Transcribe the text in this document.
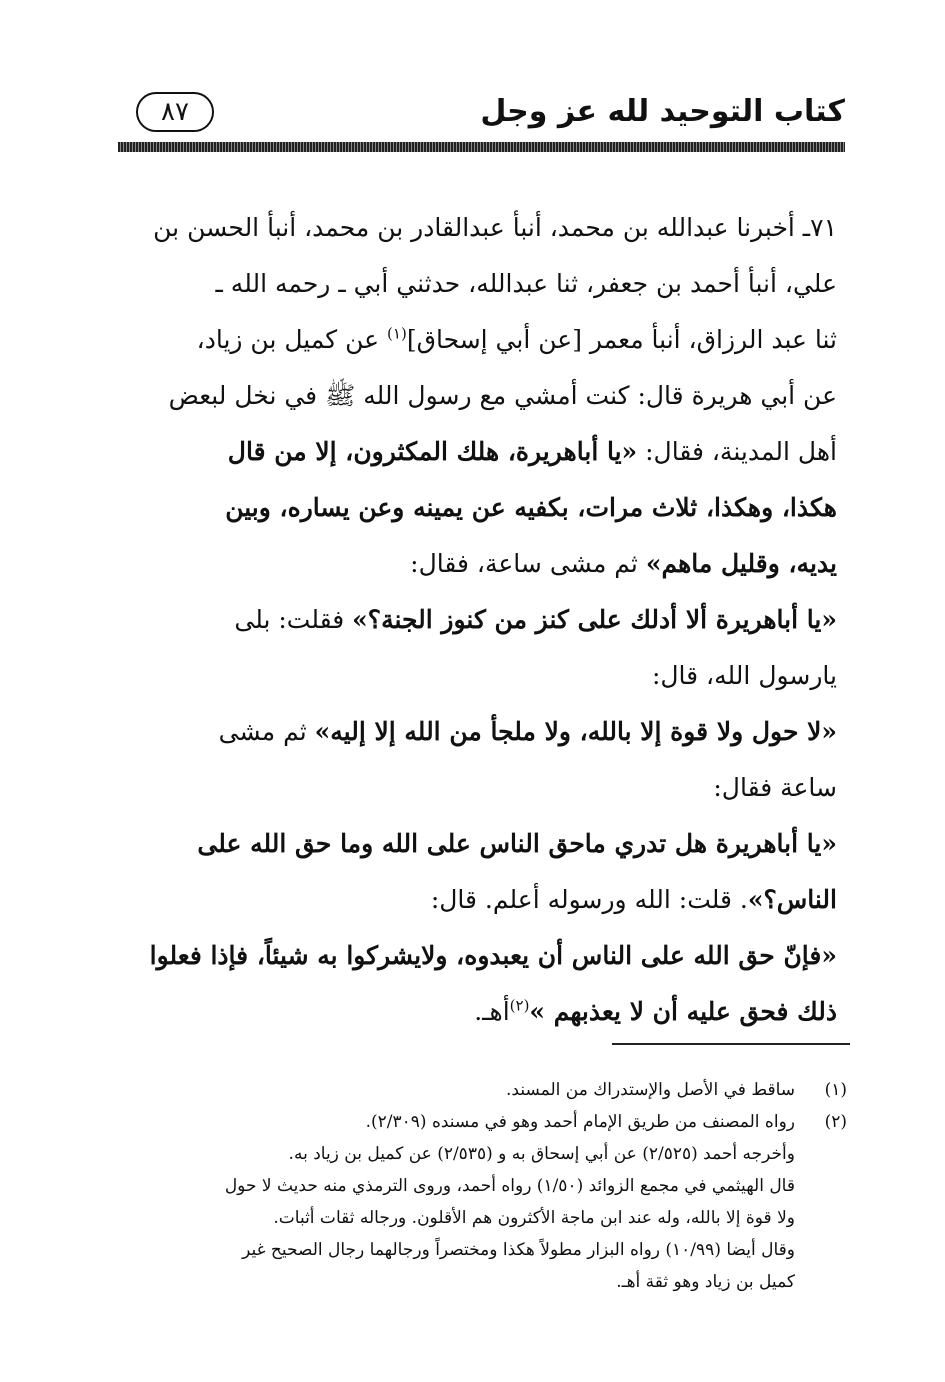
كتاب التوحيد لله عز وجل
٨٧
٧١ـ أخبرنا عبدالله بن محمد، أنبأ عبدالقادر بن محمد، أنبأ الحسن بن
علي، أنبأ أحمد بن جعفر، ثنا عبدالله، حدثني أبي ـ رحمه الله ـ
ثنا عبد الرزاق، أنبأ معمر [عن أبي إسحاق]$^{(١)}$ عن كميل بن زياد،
عن أبي هريرة قال: كنت أمشي مع رسول الله ﷺ في نخل لبعض
أهل المدينة، فقال: «يا أباهريرة، هلك المكثرون، إلا من قال
هكذا، وهكذا، ثلاث مرات، بكفيه عن يمينه وعن يساره، وبين
يديه، وقليل ماهم» ثم مشى ساعة، فقال:
«يا أباهريرة ألا أدلك على كنز من كنوز الجنة؟» فقلت: بلى
يارسول الله، قال:
«لا حول ولا قوة إلا بالله، ولا ملجأ من الله إلا إليه» ثم مشى
ساعة فقال:
«يا أباهريرة هل تدري ماحق الناس على الله وما حق الله على
الناس؟». قلت: الله ورسوله أعلم. قال:
«فإنّ حق الله على الناس أن يعبدوه، ولايشركوا به شيئاً، فإذا فعلوا
ذلك فحق عليه أن لا يعذبهم »$^{(٢)}$أهـ.
(١)
ساقط في الأصل والإستدراك من المسند.
(٢)
رواه المصنف من طريق الإمام أحمد وهو في مسنده (٢/٣٠٩).
وأخرجه أحمد (٢/٥٢٥) عن أبي إسحاق به و (٢/٥٣٥) عن كميل بن زياد به.
قال الهيثمي في مجمع الزوائد (١/٥٠) رواه أحمد، وروى الترمذي منه حديث لا حول
ولا قوة إلا بالله، وله عند ابن ماجة الأكثرون هم الأقلون. ورجاله ثقات أثبات.
وقال أيضا (١٠/٩٩) رواه البزار مطولاً هكذا ومختصراً ورجالهما رجال الصحيح غير
كميل بن زياد وهو ثقة أهـ.
